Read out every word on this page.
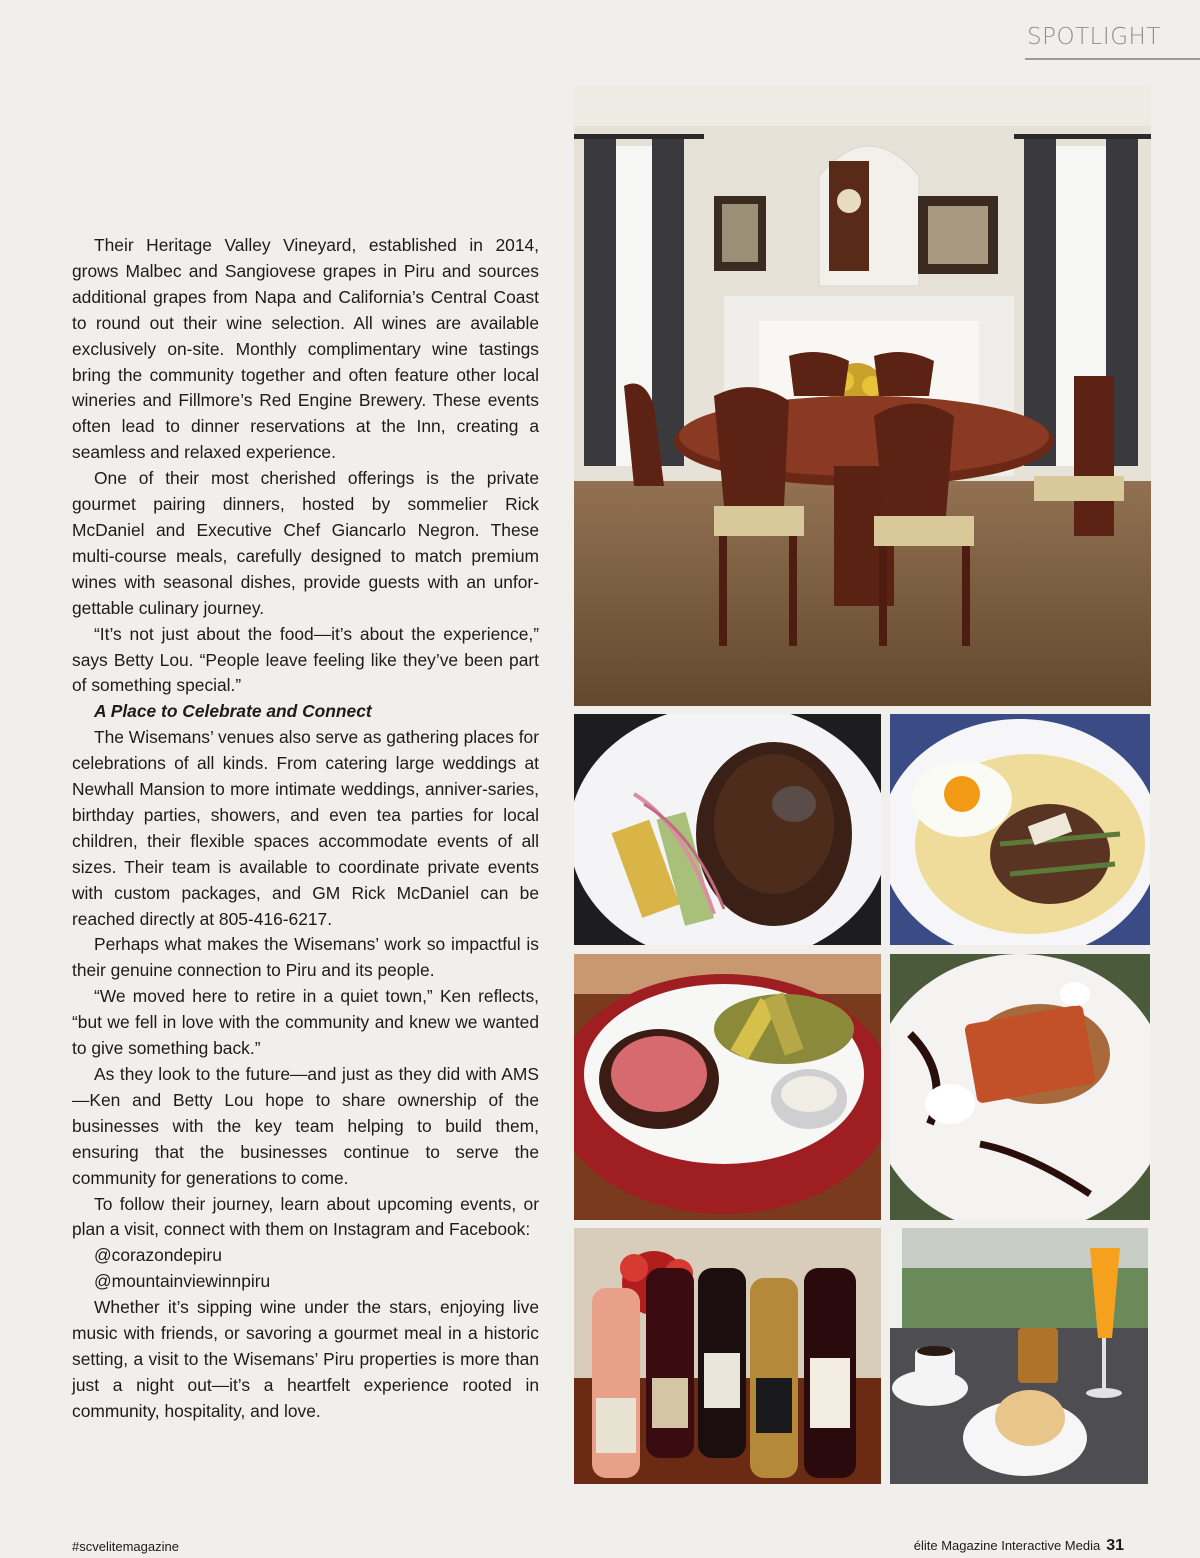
SPOTLIGHT

Their Heritage Valley Vineyard, established in 2014, grows Malbec and Sangiovese grapes in Piru and sources additional grapes from Napa and California’s Central Coast to round out their wine selection. All wines are available exclusively on-site. Monthly complimentary wine tastings bring the community together and often feature other local wineries and Fillmore’s Red Engine Brewery. These events often lead to dinner reservations at the Inn, creating a seamless and relaxed experience.

One of their most cherished offerings is the private gourmet pairing dinners, hosted by sommelier Rick McDaniel and Executive Chef Giancarlo Negron. These multi-course meals, carefully designed to match premium wines with seasonal dishes, provide guests with an unfor-gettable culinary journey.

“It’s not just about the food—it’s about the experience,” says Betty Lou. “People leave feeling like they’ve been part of something special.”

A Place to Celebrate and Connect

The Wisemans’ venues also serve as gathering places for celebrations of all kinds. From catering large weddings at Newhall Mansion to more intimate weddings, anniver-saries, birthday parties, showers, and even tea parties for local children, their flexible spaces accommodate events of all sizes. Their team is available to coordinate private events with custom packages, and GM Rick McDaniel can be reached directly at 805-416-6217.

Perhaps what makes the Wisemans’ work so impactful is their genuine connection to Piru and its people.

“We moved here to retire in a quiet town,” Ken reflects, “but we fell in love with the community and knew we wanted to give something back.”

As they look to the future—and just as they did with AMS—Ken and Betty Lou hope to share ownership of the businesses with the key team helping to build them, ensuring that the businesses continue to serve the community for generations to come.

To follow their journey, learn about upcoming events, or plan a visit, connect with them on Instagram and Facebook:

@corazondepiru

@mountainviewinnpiru

Whether it’s sipping wine under the stars, enjoying live music with friends, or savoring a gourmet meal in a historic setting, a visit to the Wisemans’ Piru properties is more than just a night out—it’s a heartfelt experience rooted in community, hospitality, and love.

#scvelitemagazine	élite Magazine Interactive Media 31
